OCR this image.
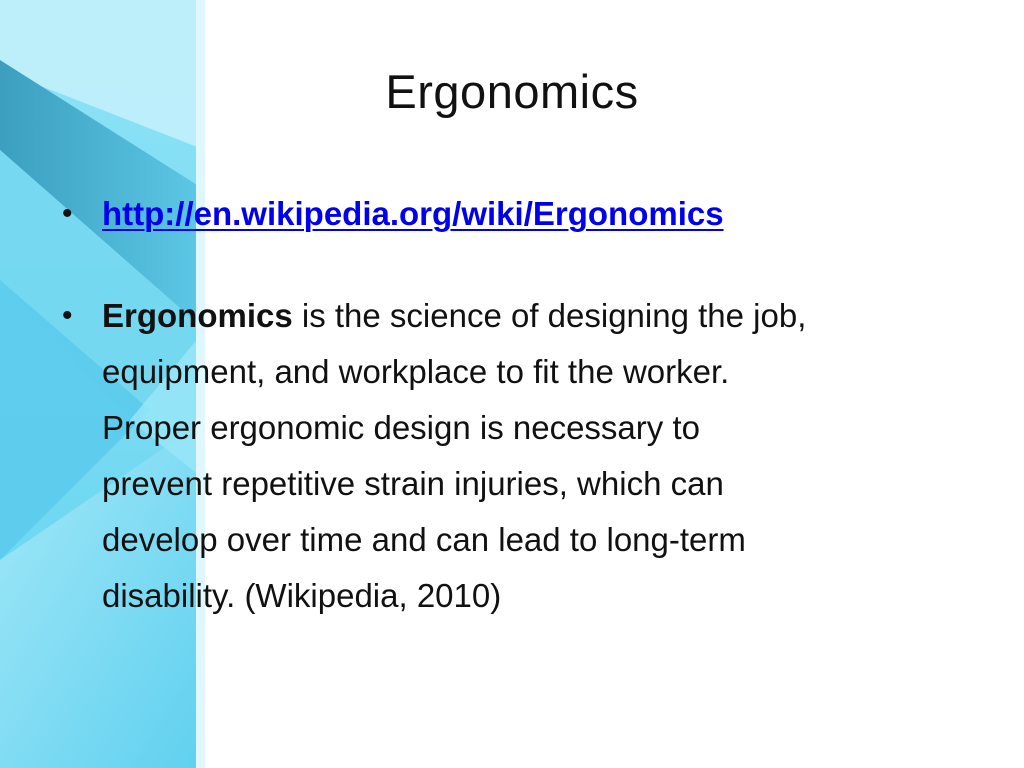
Ergonomics
• http://en.wikipedia.org/wiki/Ergonomics
• Ergonomics is the science of designing the job,
equipment, and workplace to fit the worker.
Proper ergonomic design is necessary to
prevent repetitive strain injuries, which can
develop over time and can lead to long-term
disability. (Wikipedia, 2010)
